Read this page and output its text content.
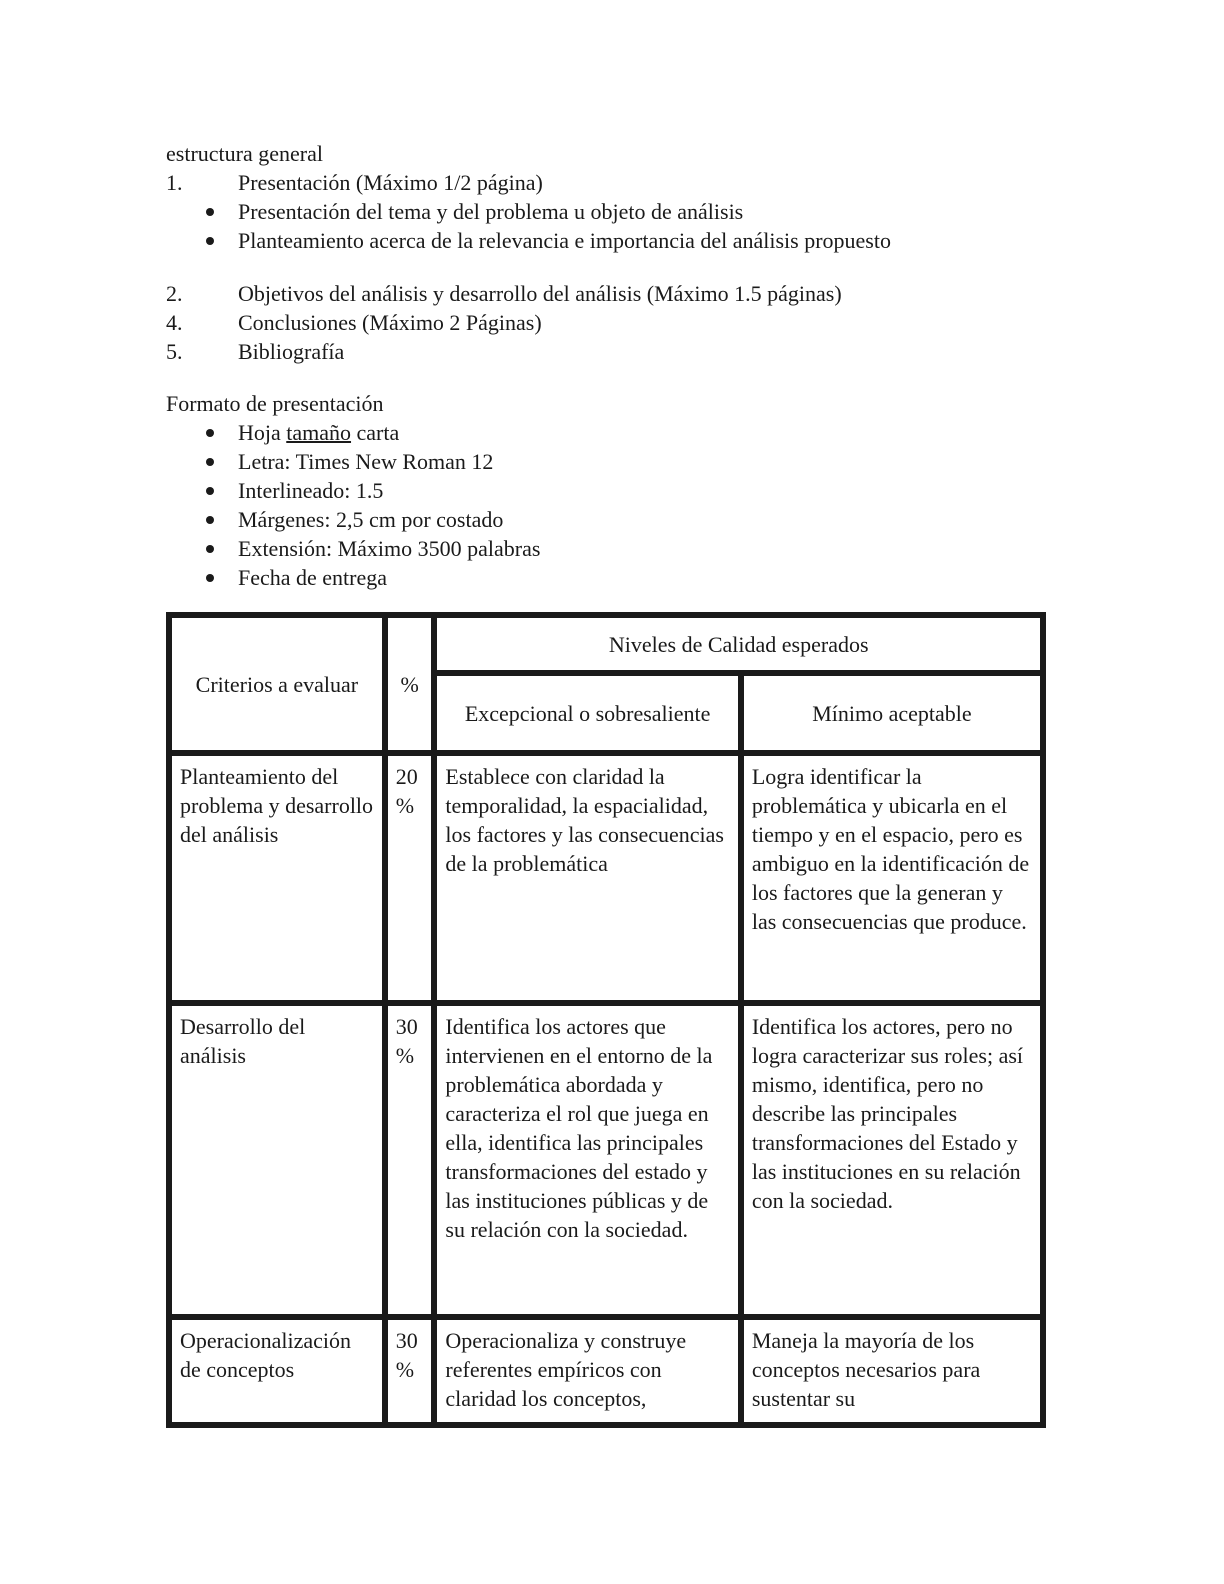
estructura general
1.	Presentación (Máximo 1/2 página)
Presentación del tema y del problema u objeto de análisis
Planteamiento acerca de la relevancia e importancia del análisis propuesto
2.	Objetivos del análisis y desarrollo del análisis (Máximo 1.5 páginas)
4.	Conclusiones (Máximo 2 Páginas)
5.	Bibliografía
Formato de presentación
Hoja tamaño carta
Letra: Times New Roman 12
Interlineado: 1.5
Márgenes: 2,5 cm por costado
Extensión: Máximo 3500 palabras
Fecha de entrega
Criterios a evaluar	%	Niveles de Calidad esperados	
		Excepcional o sobresaliente	Mínimo aceptable
Planteamiento del problema y desarrollo del análisis	20 %	Establece con claridad la temporalidad, la espacialidad, los factores y las consecuencias de la problemática	Logra identificar la problemática y ubicarla en el tiempo y en el espacio, pero es ambiguo en la identificación de los factores que la generan y las consecuencias que produce.
Desarrollo del análisis	30 %	Identifica los actores que intervienen en el entorno de la problemática abordada y caracteriza el rol que juega en ella, identifica las principales transformaciones del estado y las instituciones públicas y de su relación con la sociedad.	Identifica los actores, pero no logra caracterizar sus roles; así mismo, identifica, pero no describe las principales transformaciones del Estado y las instituciones en su relación con la sociedad.
Operacionalización de conceptos	30 %	Operacionaliza y construye referentes empíricos con claridad los conceptos,	Maneja la mayoría de los conceptos necesarios para sustentar su
